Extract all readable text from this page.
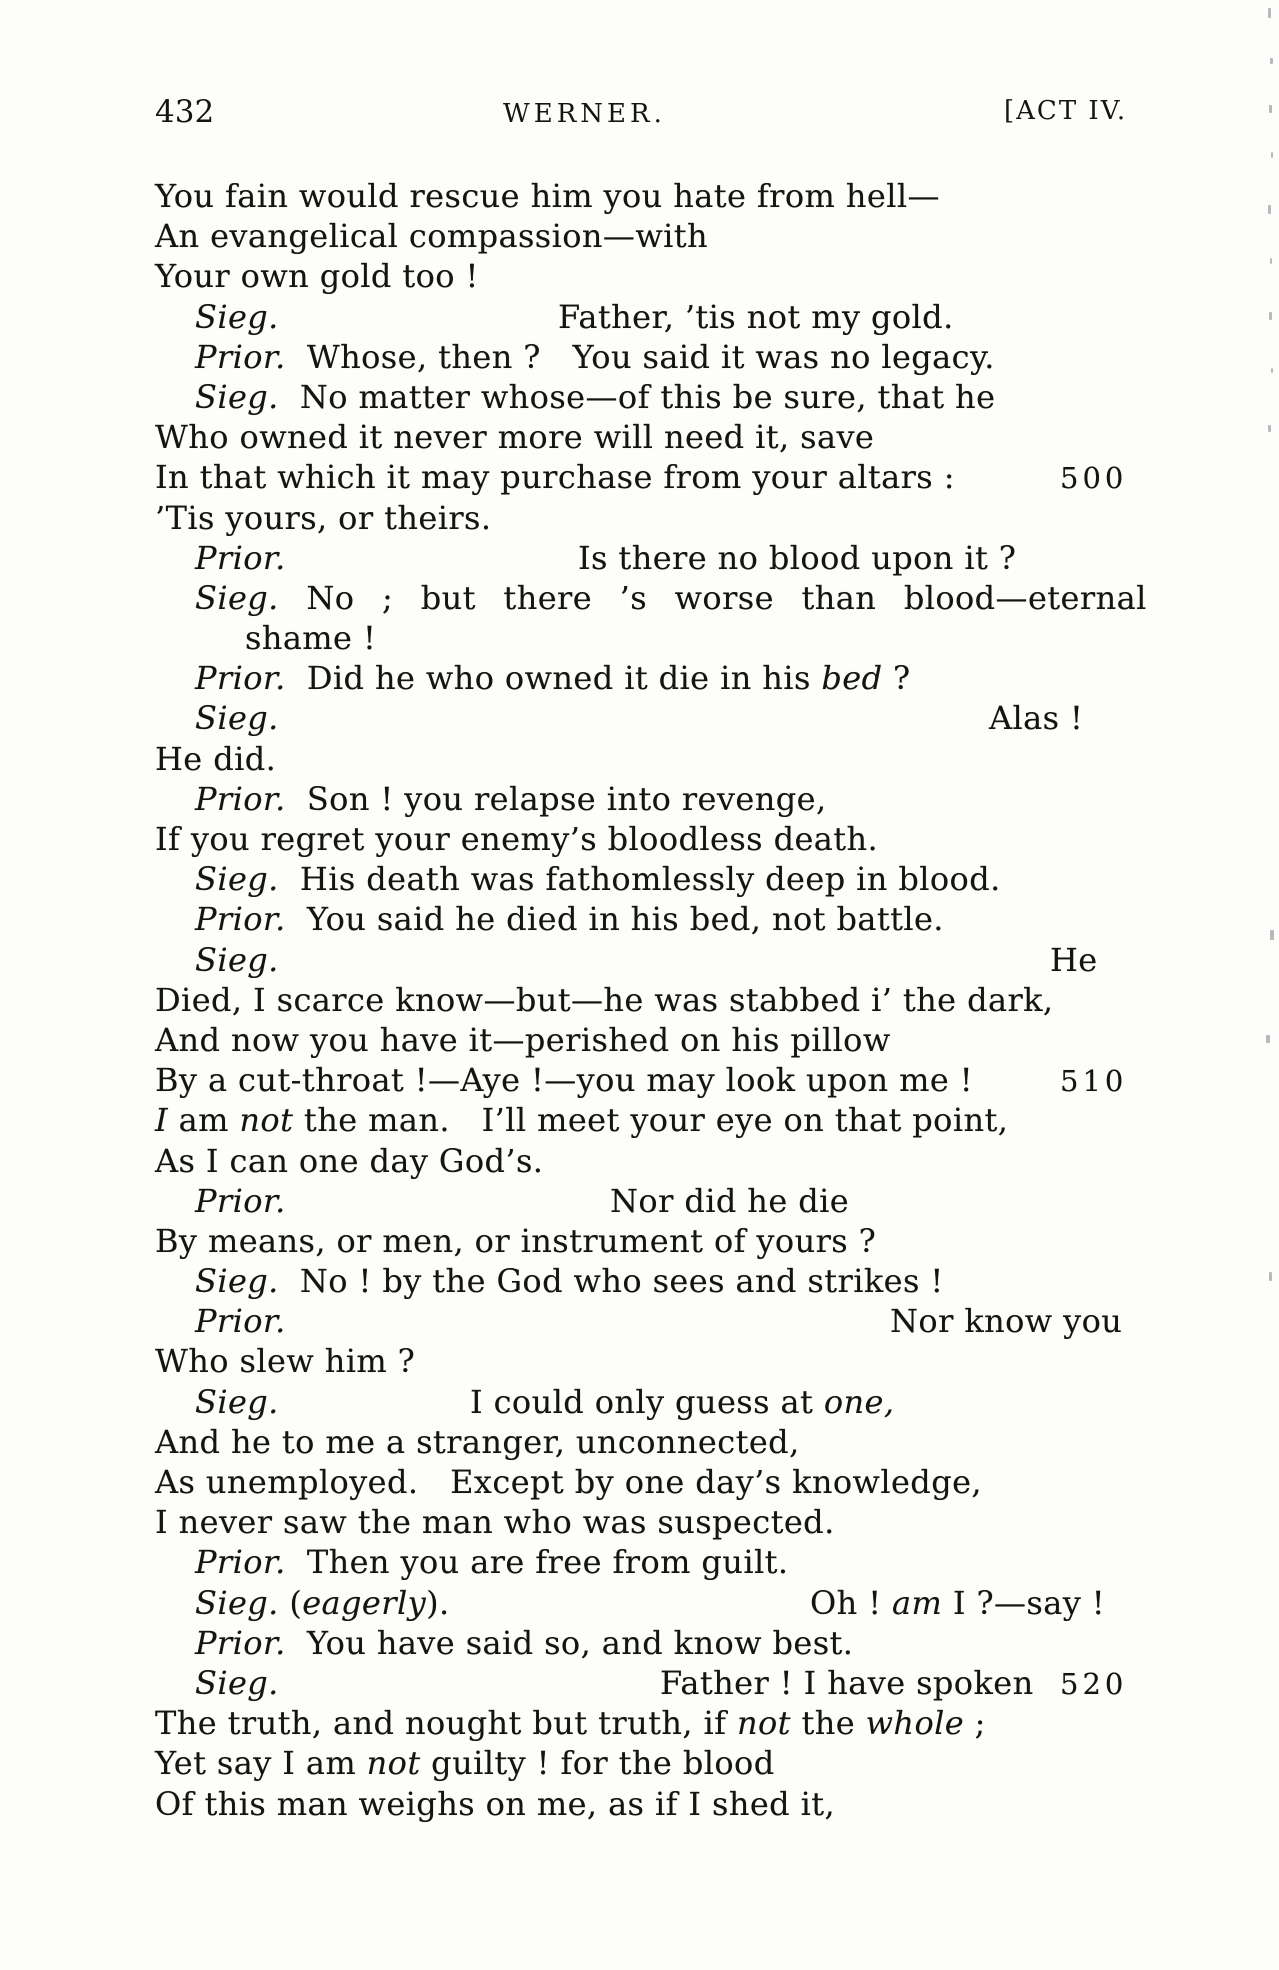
432	WERNER.	[ACT IV.
You fain would rescue him you hate from hell—
An evangelical compassion—with
Your own gold too !
Sieg.	Father, ’tis not my gold.
Prior.  Whose, then ?   You said it was no legacy.
Sieg.  No matter whose—of this be sure, that he
Who owned it never more will need it, save
In that which it may purchase from your altars :	500
’Tis yours, or theirs.
Prior.	Is there no blood upon it ?
Sieg. No ; but there ’s worse than blood—eternal
shame !
Prior.  Did he who owned it die in his bed ?
Sieg.	Alas !
He did.
Prior.  Son ! you relapse into revenge,
If you regret your enemy’s bloodless death.
Sieg.  His death was fathomlessly deep in blood.
Prior.  You said he died in his bed, not battle.
Sieg.	He
Died, I scarce know—but—he was stabbed i’ the dark,
And now you have it—perished on his pillow
By a cut-throat !—Aye !—you may look upon me !	510
I am not the man.   I’ll meet your eye on that point,
As I can one day God’s.
Prior.	Nor did he die
By means, or men, or instrument of yours ?
Sieg.  No ! by the God who sees and strikes !
Prior.	Nor know you
Who slew him ?
Sieg.	I could only guess at one,
And he to me a stranger, unconnected,
As unemployed.   Except by one day’s knowledge,
I never saw the man who was suspected.
Prior.  Then you are free from guilt.
Sieg. (eagerly).	Oh ! am I ?—say !
Prior.  You have said so, and know best.
Sieg.	Father ! I have spoken 520
The truth, and nought but truth, if not the whole ;
Yet say I am not guilty ! for the blood
Of this man weighs on me, as if I shed it,
